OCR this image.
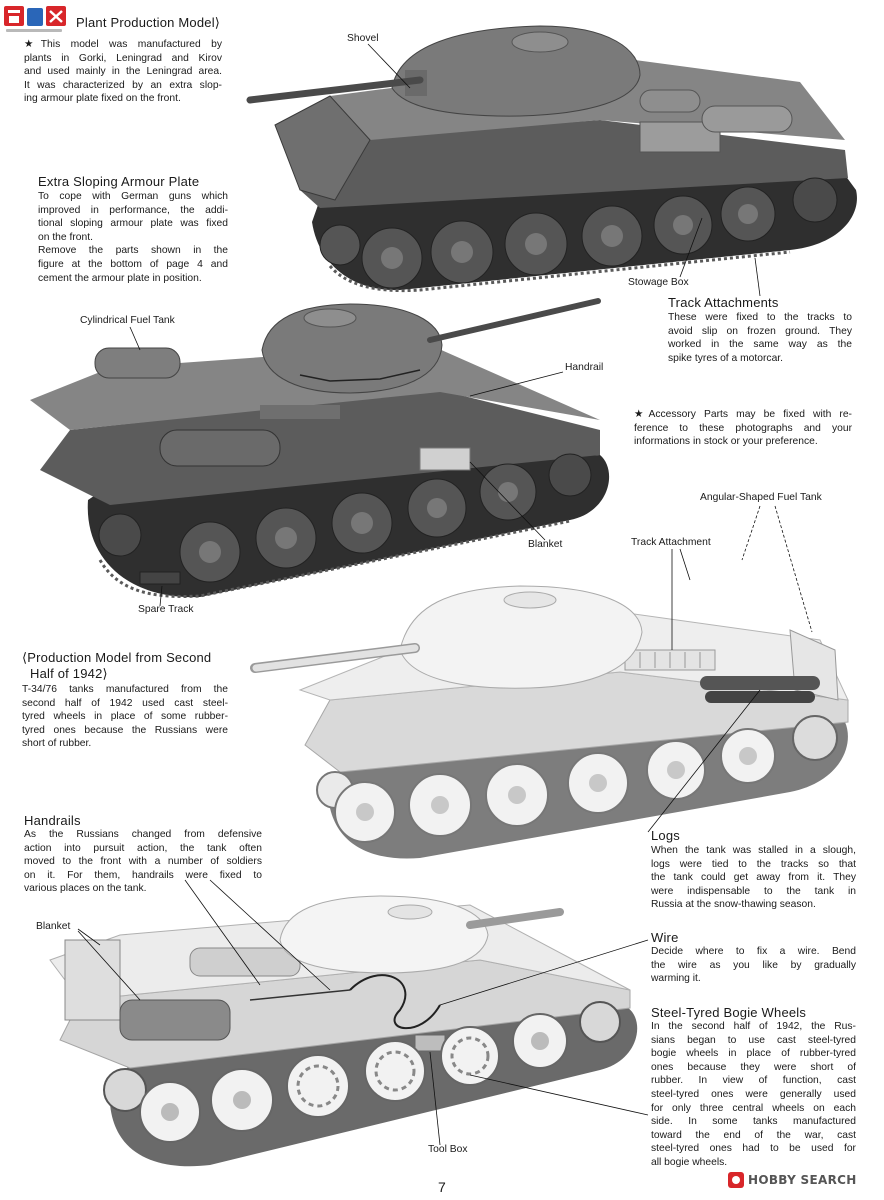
Plant Production Model⟩
★This model was manufactured by
plants in Gorki, Leningrad and Kirov
and used mainly in the Leningrad area.
It was characterized by an extra slop-
ing armour plate fixed on the front.
Extra Sloping Armour Plate
To cope with German guns which
improved in performance, the addi-
tional sloping armour plate was fixed
on the front.
Remove the parts shown in the
figure at the bottom of page 4 and
cement the armour plate in position.
Track Attachments
These were fixed to the tracks to
avoid slip on frozen ground. They
worked in the same way as the
spike tyres of a motorcar.
★Accessory Parts may be fixed with re-
ference to these photographs and your
informations in stock or your preference.
⟨Production Model from Second
Half of 1942⟩
T-34/76 tanks manufactured from the
second half of 1942 used cast steel-
tyred wheels in place of some rubber-
tyred ones because the Russians were
short of rubber.
Handrails
As the Russians changed from defensive
action into pursuit action, the tank often
moved to the front with a number of soldiers
on it. For them, handrails were fixed to
various places on the tank.
Logs
When the tank was stalled in a slough,
logs were tied to the tracks so that
the tank could get away from it. They
were indispensable to the tank in
Russia at the snow-thawing season.
Wire
Decide where to fix a wire. Bend
the wire as you like by gradually
warming it.
Steel-Tyred Bogie Wheels
In the second half of 1942, the Rus-
sians began to use cast steel-tyred
bogie wheels in place of rubber-tyred
ones because they were short of
rubber. In view of function, cast
steel-tyred ones were generally used
for only three central wheels on each
side. In some tanks manufactured
toward the end of the war, cast
steel-tyred ones had to be used for
all bogie wheels.
Shovel
Stowage Box
Cylindrical Fuel Tank
Handrail
Angular-Shaped Fuel Tank
Blanket	Track Attachment
Spare Track
Blanket
Tool Box
7	HOBBY SEARCH
